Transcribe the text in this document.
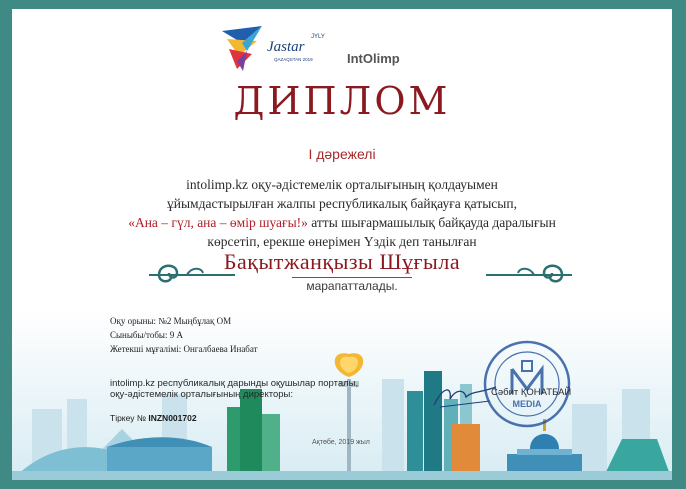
Jastar
JYLY
QAZAQSTAN 2019	IntOlimp
ДИПЛОМ
І дәрежелі
intolimp.kz оқу-әдістемелік орталығының қолдауымен
ұйымдастырылған жалпы республикалық байқауға қатысып,
«Ана – гүл, ана – өмір шуағы!» атты шығармашылық байқауда даралығын
көрсетіп, ерекше өнерімен Үздік деп танылған
Бақытжанқызы Шұғыла
марапатталады.
Оқу орыны: №2 Мыңбұлақ ОМ
Сыныбы/тобы: 9 А
Жетекші мұғалімі: Онгалбаева Инабат
intolimp.kz республикалық дарынды оқушылар порталы,
оқу-әдістемелік орталығының директоры:
MEDIA
Сәбит ҚОНАТБАЙ
Тіркеу № INZN001702
Ақтөбе, 2019 жыл
